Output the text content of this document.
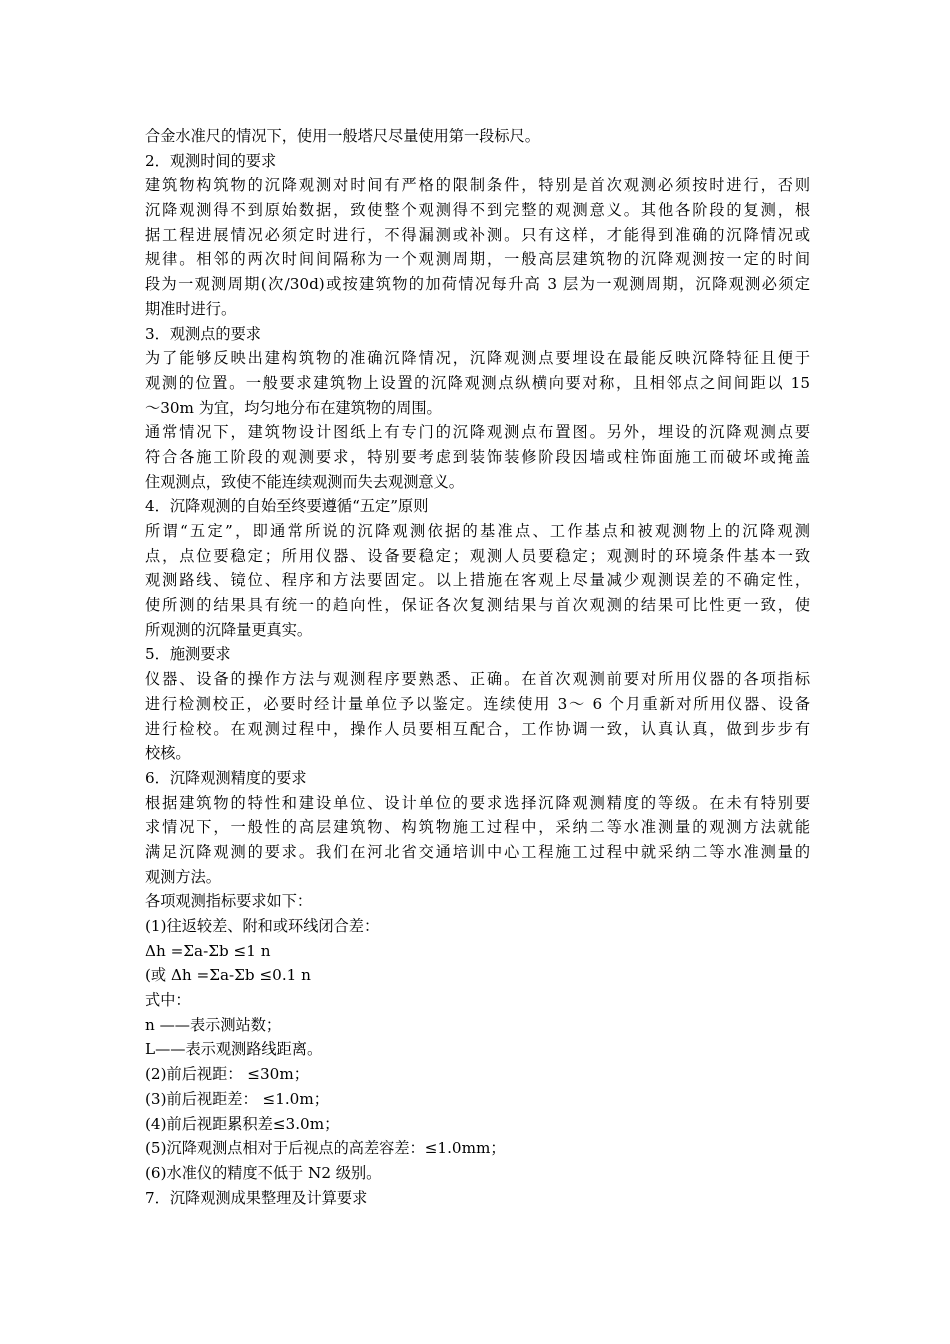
合金水准尺的情况下，使用一般塔尺尽量使用第一段标尺。
2．观测时间的要求
建筑物构筑物的沉降观测对时间有严格的限制条件，特别是首次观测必须按时进行，否则
沉降观测得不到原始数据，致使整个观测得不到完整的观测意义。其他各阶段的复测，根
据工程进展情况必须定时进行，不得漏测或补测。只有这样，才能得到准确的沉降情况或
规律。相邻的两次时间间隔称为一个观测周期，一般高层建筑物的沉降观测按一定的时间
段为一观测周期(次/30d)或按建筑物的加荷情况每升高 3 层为一观测周期，沉降观测必须定
期准时进行。
3．观测点的要求
为了能够反映出建构筑物的准确沉降情况，沉降观测点要埋设在最能反映沉降特征且便于
观测的位置。一般要求建筑物上设置的沉降观测点纵横向要对称，且相邻点之间间距以 15
～30m 为宜，均匀地分布在建筑物的周围。
通常情况下，建筑物设计图纸上有专门的沉降观测点布置图。另外，埋设的沉降观测点要
符合各施工阶段的观测要求，特别要考虑到装饰装修阶段因墙或柱饰面施工而破坏或掩盖
住观测点，致使不能连续观测而失去观测意义。
4．沉降观测的自始至终要遵循“五定”原则
所谓“五定”，即通常所说的沉降观测依据的基准点、工作基点和被观测物上的沉降观测
点，点位要稳定；所用仪器、设备要稳定；观测人员要稳定；观测时的环境条件基本一致
观测路线、镜位、程序和方法要固定。以上措施在客观上尽量减少观测误差的不确定性，
使所测的结果具有统一的趋向性，保证各次复测结果与首次观测的结果可比性更一致，使
所观测的沉降量更真实。
5．施测要求
仪器、设备的操作方法与观测程序要熟悉、正确。在首次观测前要对所用仪器的各项指标
进行检测校正，必要时经计量单位予以鉴定。连续使用 3～ 6 个月重新对所用仪器、设备
进行检校。在观测过程中，操作人员要相互配合，工作协调一致，认真认真，做到步步有
校核。
6．沉降观测精度的要求
根据建筑物的特性和建设单位、设计单位的要求选择沉降观测精度的等级。在未有特别要
求情况下，一般性的高层建筑物、构筑物施工过程中，采纳二等水准测量的观测方法就能
满足沉降观测的要求。我们在河北省交通培训中心工程施工过程中就采纳二等水准测量的
观测方法。
各项观测指标要求如下：
(1)往返较差、附和或环线闭合差：
Δh =Σa-Σb ≤1 n
(或 Δh =Σa-Σb ≤0.1 n
式中：
n ——表示测站数；
L——表示观测路线距离。
(2)前后视距： ≤30m；
(3)前后视距差： ≤1.0m；
(4)前后视距累积差≤3.0m；
(5)沉降观测点相对于后视点的高差容差：≤1.0mm；
(6)水准仪的精度不低于 N2 级别。
7．沉降观测成果整理及计算要求
